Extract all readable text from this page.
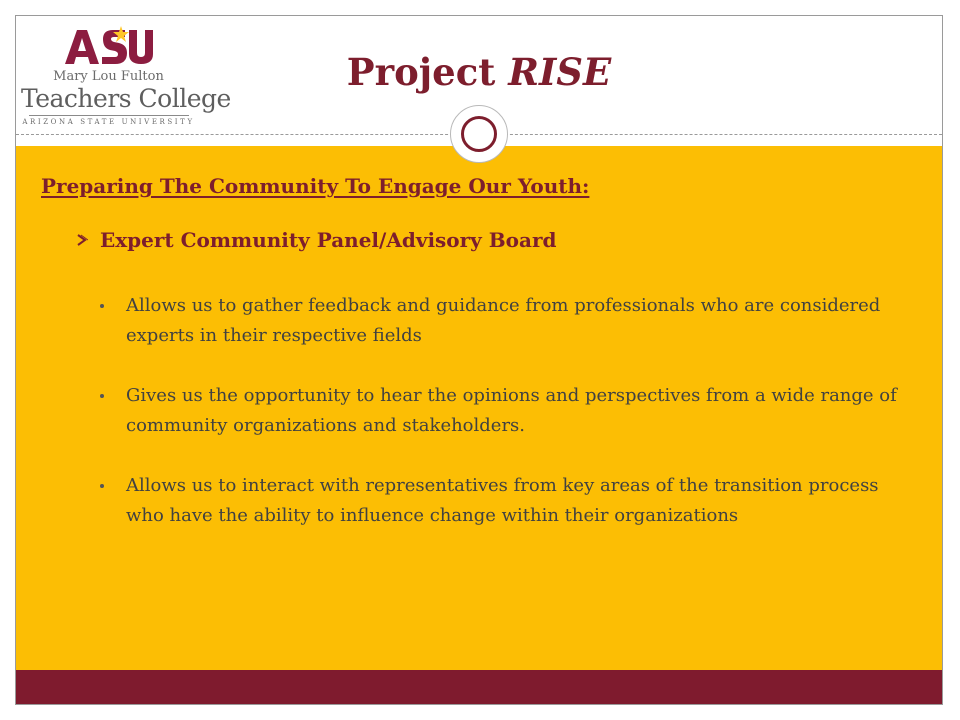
Mary Lou Fulton
Teachers College
ARIZONA STATE UNIVERSITY
Project RISE
Preparing The Community To Engage Our Youth:
Expert Community Panel/Advisory Board
Allows us to gather feedback and guidance from professionals who are considered experts in their respective fields
Gives us the opportunity to hear the opinions and perspectives from a wide range of community organizations and stakeholders.
Allows us to interact with representatives from key areas of the transition process who have the ability to influence change within their organizations
